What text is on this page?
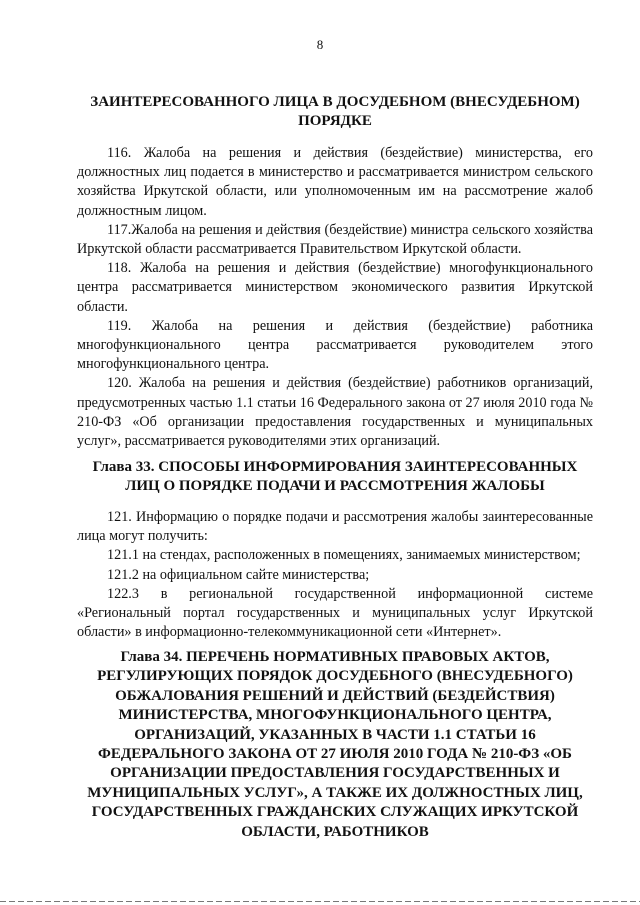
8
ЗАИНТЕРЕСОВАННОГО ЛИЦА В ДОСУДЕБНОМ (ВНЕСУДЕБНОМ) ПОРЯДКЕ

116. Жалоба на решения и действия (бездействие) министерства, его должностных лиц подается в министерство и рассматривается министром сельского хозяйства Иркутской области, или уполномоченным им на рассмотрение жалоб должностным лицом.

117.Жалоба на решения и действия (бездействие) министра сельского хозяйства Иркутской области рассматривается Правительством Иркутской области.

118. Жалоба на решения и действия (бездействие) многофункционального центра рассматривается министерством экономического развития Иркутской области.

119. Жалоба на решения и действия (бездействие) работника многофункционального центра рассматривается руководителем этого многофункционального центра.

120. Жалоба на решения и действия (бездействие) работников организаций, предусмотренных частью 1.1 статьи 16 Федерального закона от 27 июля 2010 года № 210-ФЗ «Об организации предоставления государственных и муниципальных услуг», рассматривается руководителями этих организаций.

Глава 33. СПОСОБЫ ИНФОРМИРОВАНИЯ ЗАИНТЕРЕСОВАННЫХ ЛИЦ О ПОРЯДКЕ ПОДАЧИ И РАССМОТРЕНИЯ ЖАЛОБЫ

121. Информацию о порядке подачи и рассмотрения жалобы заинтересованные лица могут получить:

121.1 на стендах, расположенных в помещениях, занимаемых министерством;

121.2 на официальном сайте министерства;

122.3 в региональной государственной информационной системе «Региональный портал государственных и муниципальных услуг Иркутской области» в информационно-телекоммуникационной сети «Интернет».

Глава 34. ПЕРЕЧЕНЬ НОРМАТИВНЫХ ПРАВОВЫХ АКТОВ, РЕГУЛИРУЮЩИХ ПОРЯДОК ДОСУДЕБНОГО (ВНЕСУДЕБНОГО) ОБЖАЛОВАНИЯ РЕШЕНИЙ И ДЕЙСТВИЙ (БЕЗДЕЙСТВИЯ) МИНИСТЕРСТВА, МНОГОФУНКЦИОНАЛЬНОГО ЦЕНТРА, ОРГАНИЗАЦИЙ, УКАЗАННЫХ В ЧАСТИ 1.1 СТАТЬИ 16 ФЕДЕРАЛЬНОГО ЗАКОНА ОТ 27 ИЮЛЯ 2010 ГОДА № 210-ФЗ «ОБ ОРГАНИЗАЦИИ ПРЕДОСТАВЛЕНИЯ ГОСУДАРСТВЕННЫХ И МУНИЦИПАЛЬНЫХ УСЛУГ», А ТАКЖЕ ИХ ДОЛЖНОСТНЫХ ЛИЦ, ГОСУДАРСТВЕННЫХ ГРАЖДАНСКИХ СЛУЖАЩИХ ИРКУТСКОЙ ОБЛАСТИ, РАБОТНИКОВ
